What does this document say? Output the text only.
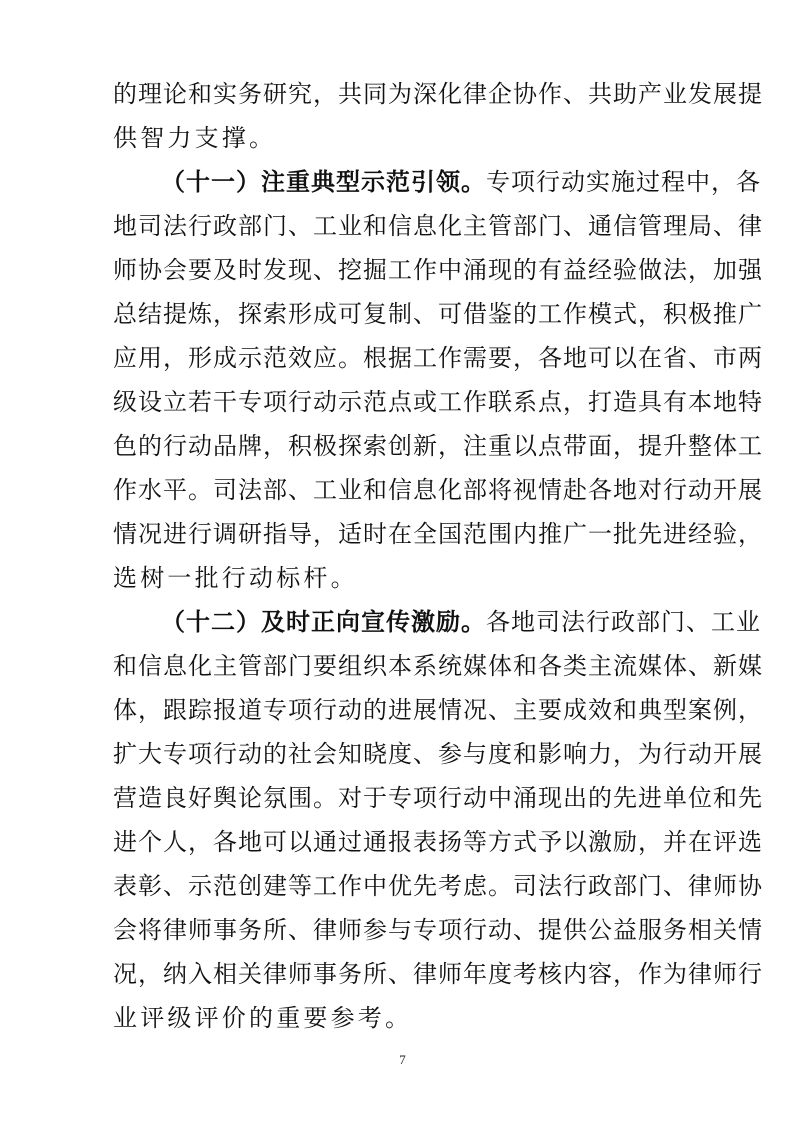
的理论和实务研究，共同为深化律企协作、共助产业发展提
供智力支撑。
（十一）注重典型示范引领。专项行动实施过程中，各
地司法行政部门、工业和信息化主管部门、通信管理局、律
师协会要及时发现、挖掘工作中涌现的有益经验做法，加强
总结提炼，探索形成可复制、可借鉴的工作模式，积极推广
应用，形成示范效应。根据工作需要，各地可以在省、市两
级设立若干专项行动示范点或工作联系点，打造具有本地特
色的行动品牌，积极探索创新，注重以点带面，提升整体工
作水平。司法部、工业和信息化部将视情赴各地对行动开展
情况进行调研指导，适时在全国范围内推广一批先进经验，
选树一批行动标杆。
（十二）及时正向宣传激励。各地司法行政部门、工业
和信息化主管部门要组织本系统媒体和各类主流媒体、新媒
体，跟踪报道专项行动的进展情况、主要成效和典型案例，
扩大专项行动的社会知晓度、参与度和影响力，为行动开展
营造良好舆论氛围。对于专项行动中涌现出的先进单位和先
进个人，各地可以通过通报表扬等方式予以激励，并在评选
表彰、示范创建等工作中优先考虑。司法行政部门、律师协
会将律师事务所、律师参与专项行动、提供公益服务相关情
况，纳入相关律师事务所、律师年度考核内容，作为律师行
业评级评价的重要参考。
7
